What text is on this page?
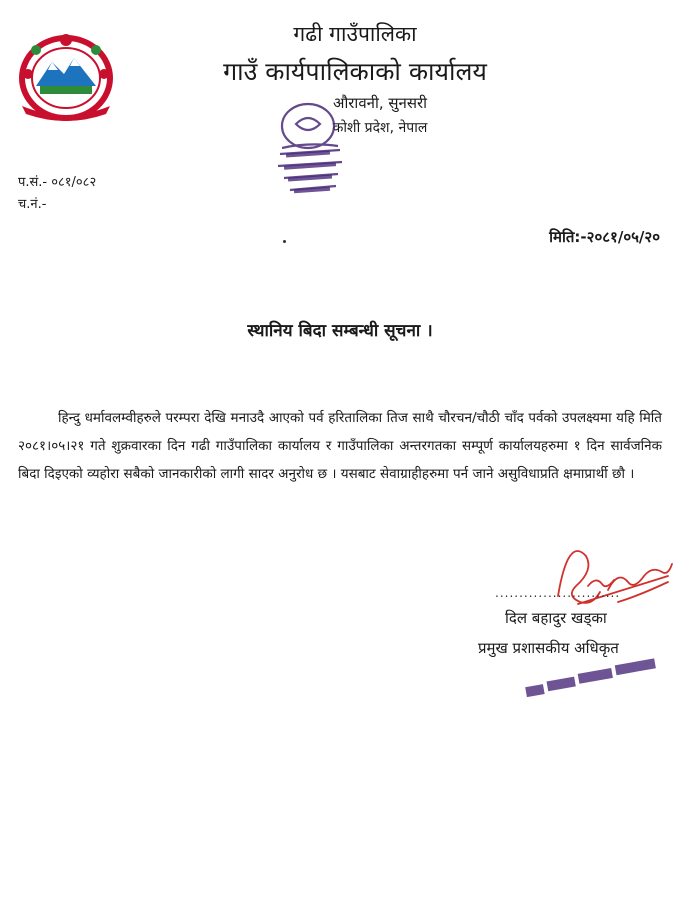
गढी गाउँपालिका
गाउँ कार्यपालिकाको कार्यालय
औरावनी, सुनसरी
कोशी प्रदेश, नेपाल
प.सं.- ०८१/०८२
च.नं.-
मिति:-२०८१/०५/२०
स्थानिय बिदा सम्बन्धी सूचना ।
हिन्दु धर्मावलम्वीहरुले परम्परा देखि मनाउदै आएको पर्व हरितालिका तिज साथै चौरचन/चौठी चाँद पर्वको उपलक्ष्यमा यहि मिति २०८१।०५।२१ गते शुक्रवारका दिन गढी गाउँपालिका कार्यालय र गाउँपालिका अन्तरगतका सम्पूर्ण कार्यालयहरुमा १ दिन सार्वजनिक बिदा दिइएको व्यहोरा सबैको जानकारीको लागी सादर अनुरोध छ । यसबाट सेवाग्राहीहरुमा पर्न जाने असुविधाप्रति क्षमाप्रार्थी छौ ।
..........................
दिल बहादुर खड्का
प्रमुख प्रशासकीय अधिकृत
